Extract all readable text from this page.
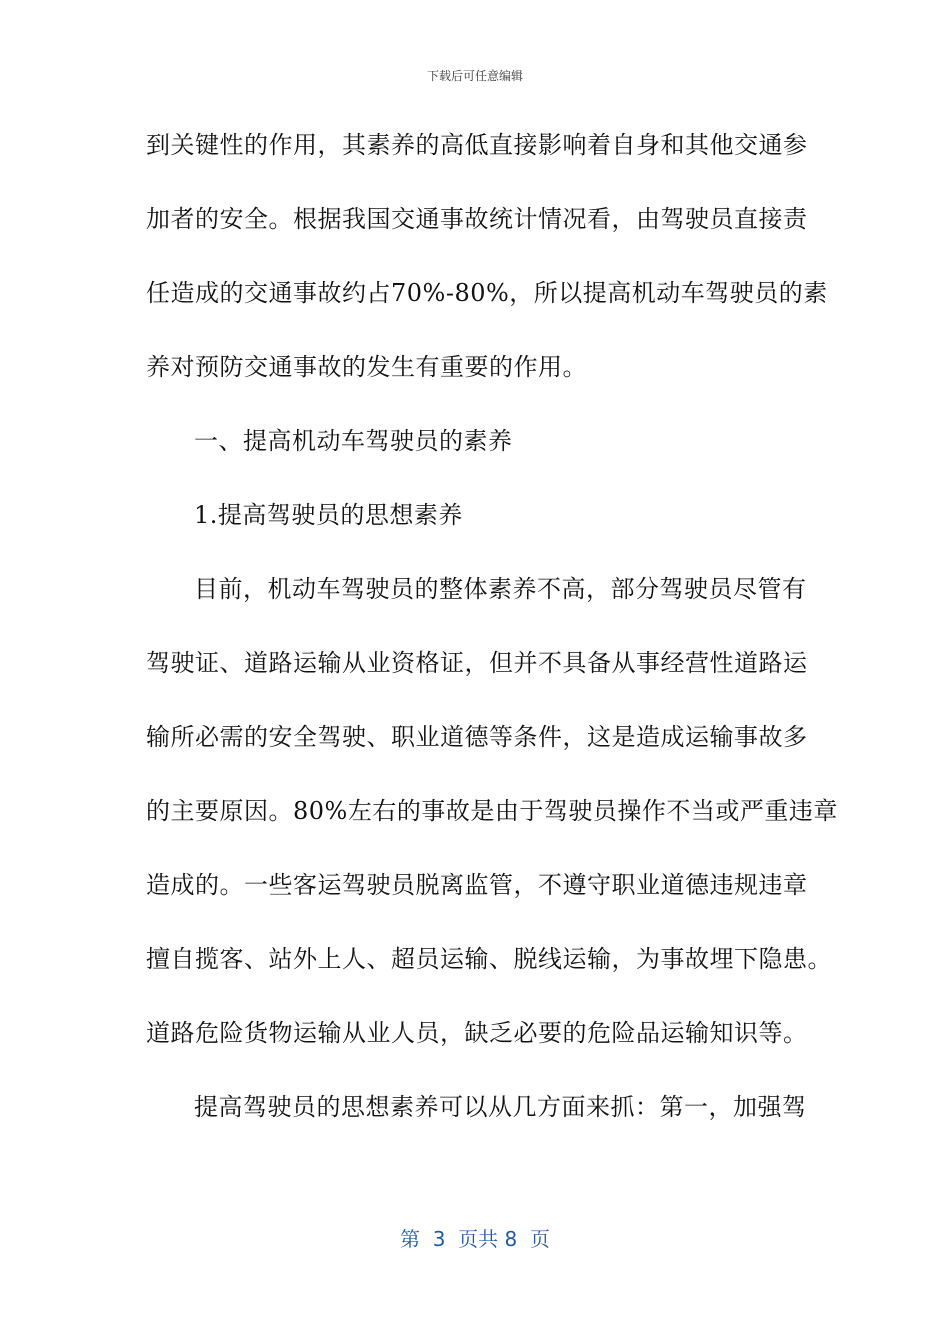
下载后可任意编辑
到关键性的作用，其素养的高低直接影响着自身和其他交通参
加者的安全。根据我国交通事故统计情况看，由驾驶员直接责
任造成的交通事故约占70%-80%，所以提高机动车驾驶员的素
养对预防交通事故的发生有重要的作用。
一、提高机动车驾驶员的素养
1.提高驾驶员的思想素养
目前，机动车驾驶员的整体素养不高，部分驾驶员尽管有
驾驶证、道路运输从业资格证，但并不具备从事经营性道路运
输所必需的安全驾驶、职业道德等条件，这是造成运输事故多
的主要原因。80%左右的事故是由于驾驶员操作不当或严重违章
造成的。一些客运驾驶员脱离监管，不遵守职业道德违规违章
擅自揽客、站外上人、超员运输、脱线运输，为事故埋下隐患。
道路危险货物运输从业人员，缺乏必要的危险品运输知识等。
提高驾驶员的思想素养可以从几方面来抓：第一，加强驾
第  3  页共 8  页
